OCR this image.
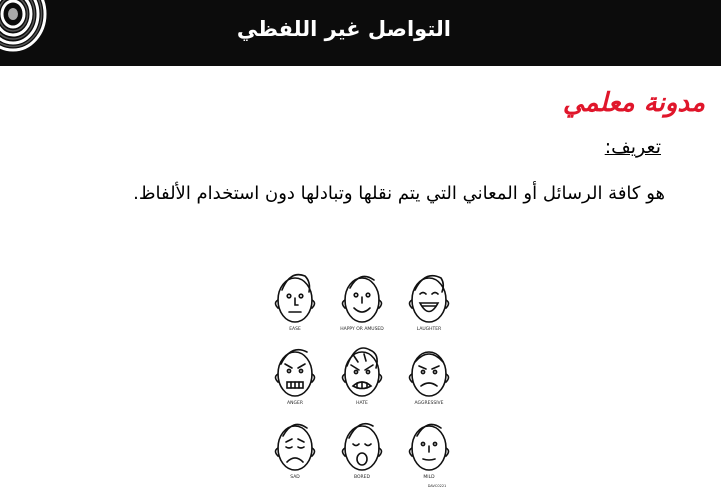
التواصل غير اللفظي
مدونة معلمي
تعريف:
هو كافة الرسائل أو المعاني التي يتم نقلها وتبادلها دون استخدام الألفاظ.
EASE	HAPPY OR AMUSED	LAUGHTER
ANGER	HATE	AGGRESSIVE
SAD	BORED	MILD
DAVC0221
